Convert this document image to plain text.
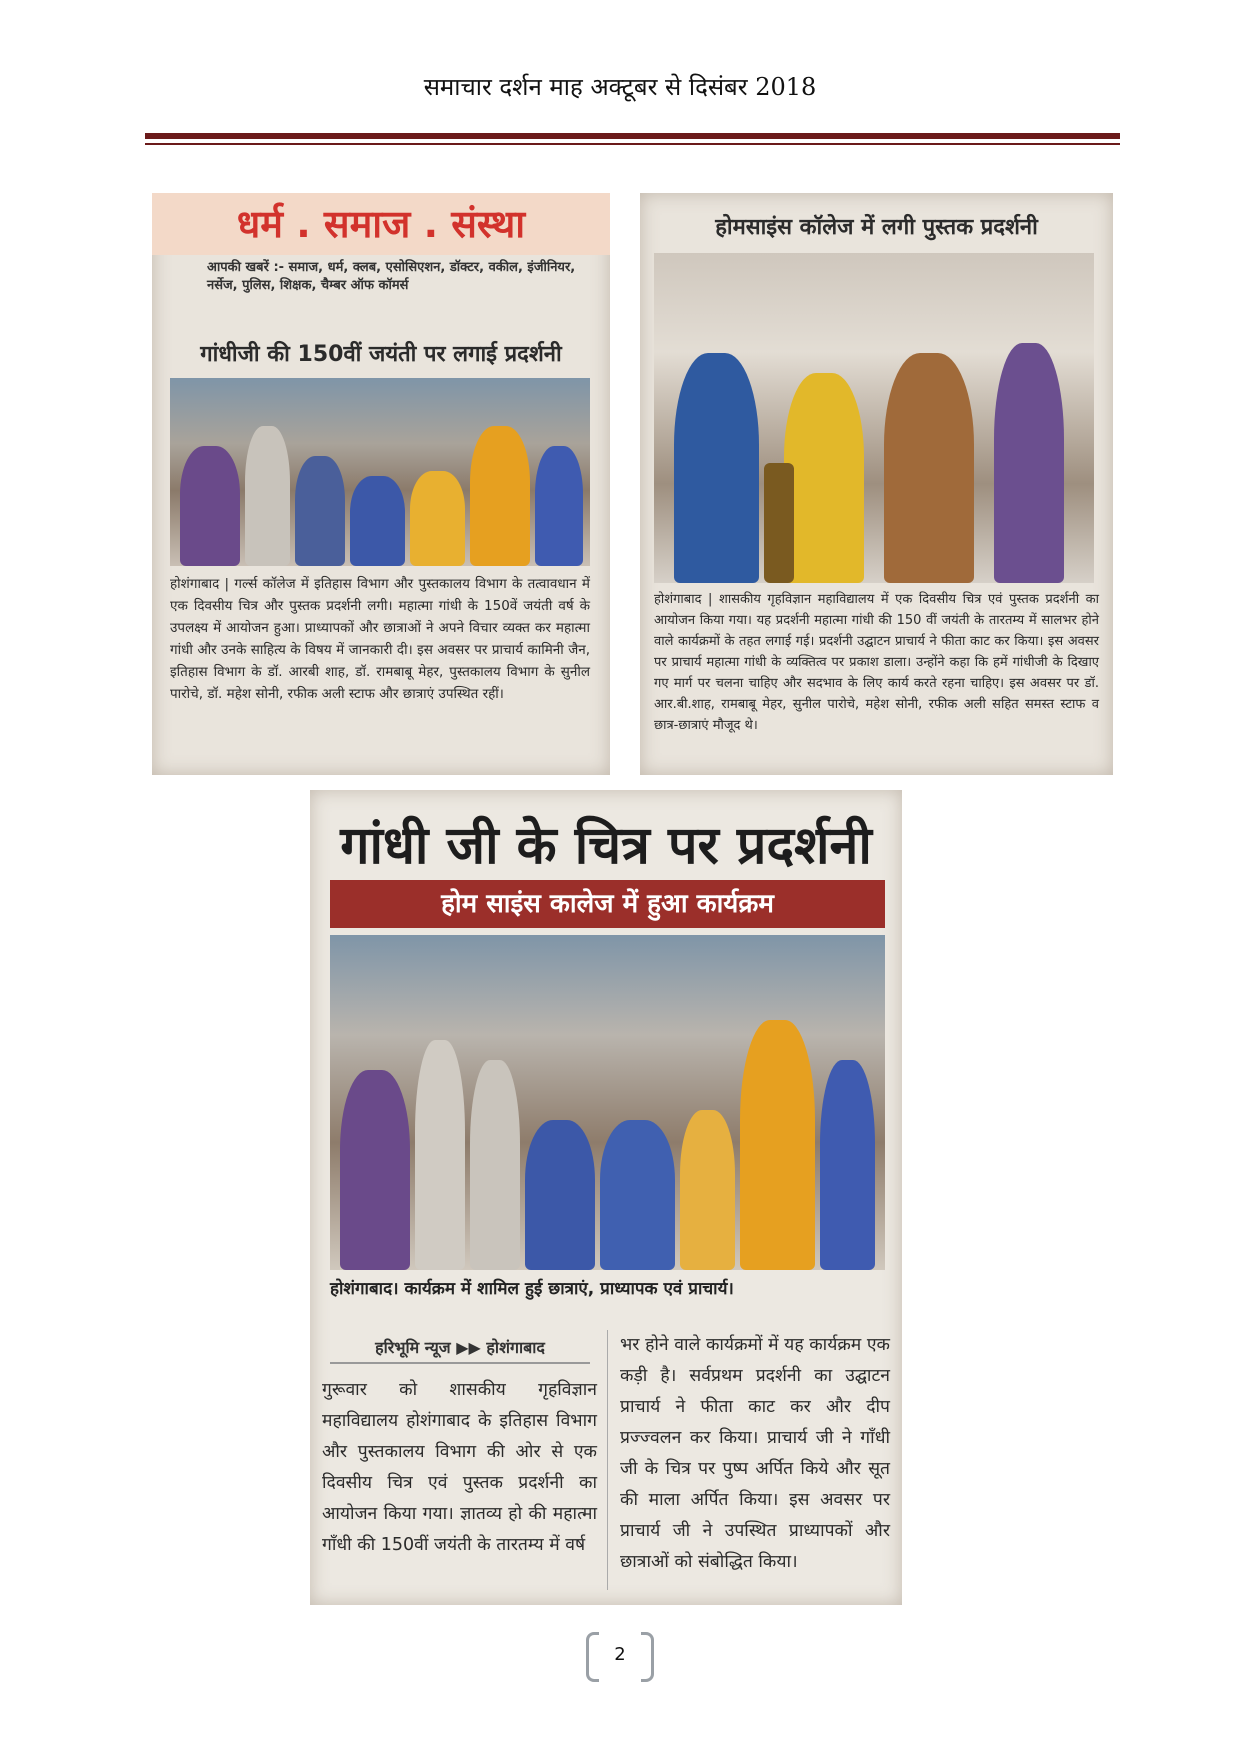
समाचार दर्शन माह अक्टूबर से दिसंबर 2018
धर्म . समाज . संस्था
आपकी खबरें :- समाज, धर्म, क्लब, एसोसिएशन, डॉक्टर, वकील, इंजीनियर, नर्सेज, पुलिस, शिक्षक, चैम्बर ऑफ कॉमर्स
गांधीजी की 150वीं जयंती पर लगाई प्रदर्शनी
होशंगाबाद | गर्ल्स कॉलेज में इतिहास विभाग और पुस्तकालय विभाग के तत्वावधान में एक दिवसीय चित्र और पुस्तक प्रदर्शनी लगी। महात्मा गांधी के 150वें जयंती वर्ष के उपलक्ष्य में आयोजन हुआ। प्राध्यापकों और छात्राओं ने अपने विचार व्यक्त कर महात्मा गांधी और उनके साहित्य के विषय में जानकारी दी। इस अवसर पर प्राचार्य कामिनी जैन, इतिहास विभाग के डॉ. आरबी शाह, डॉ. रामबाबू मेहर, पुस्तकालय विभाग के सुनील पारोचे, डॉ. महेश सोनी, रफीक अली स्टाफ और छात्राएं उपस्थित रहीं।
होमसाइंस कॉलेज में लगी पुस्तक प्रदर्शनी
होशंगाबाद | शासकीय गृहविज्ञान महाविद्यालय में एक दिवसीय चित्र एवं पुस्तक प्रदर्शनी का आयोजन किया गया। यह प्रदर्शनी महात्मा गांधी की 150 वीं जयंती के तारतम्य में सालभर होने वाले कार्यक्रमों के तहत लगाई गई। प्रदर्शनी उद्घाटन प्राचार्य ने फीता काट कर किया। इस अवसर पर प्राचार्य महात्मा गांधी के व्यक्तित्व पर प्रकाश डाला। उन्होंने कहा कि हमें गांधीजी के दिखाए गए मार्ग पर चलना चाहिए और सदभाव के लिए कार्य करते रहना चाहिए। इस अवसर पर डॉ. आर.बी.शाह, रामबाबू मेहर, सुनील पारोचे, महेश सोनी, रफीक अली सहित समस्त स्टाफ व छात्र-छात्राएं मौजूद थे।
गांधी जी के चित्र पर प्रदर्शनी
होम साइंस कालेज में हुआ कार्यक्रम
होशंगाबाद। कार्यक्रम में शामिल हुई छात्राएं, प्राध्यापक एवं प्राचार्य।
हरिभूमि न्यूज ▶▶ होशंगाबाद
गुरूवार को शासकीय गृहविज्ञान महाविद्यालय होशंगाबाद के इतिहास विभाग और पुस्तकालय विभाग की ओर से एक दिवसीय चित्र एवं पुस्तक प्रदर्शनी का आयोजन किया गया। ज्ञातव्य हो की महात्मा गाँधी की 150वीं जयंती के तारतम्य में वर्ष
भर होने वाले कार्यक्रमों में यह कार्यक्रम एक कड़ी है। सर्वप्रथम प्रदर्शनी का उद्घाटन प्राचार्य ने फीता काट कर और दीप प्रज्ज्वलन कर किया। प्राचार्य जी ने गाँधी जी के चित्र पर पुष्प अर्पित किये और सूत की माला अर्पित किया। इस अवसर पर प्राचार्य जी ने उपस्थित प्राध्यापकों और छात्राओं को संबोद्धित किया।
2
